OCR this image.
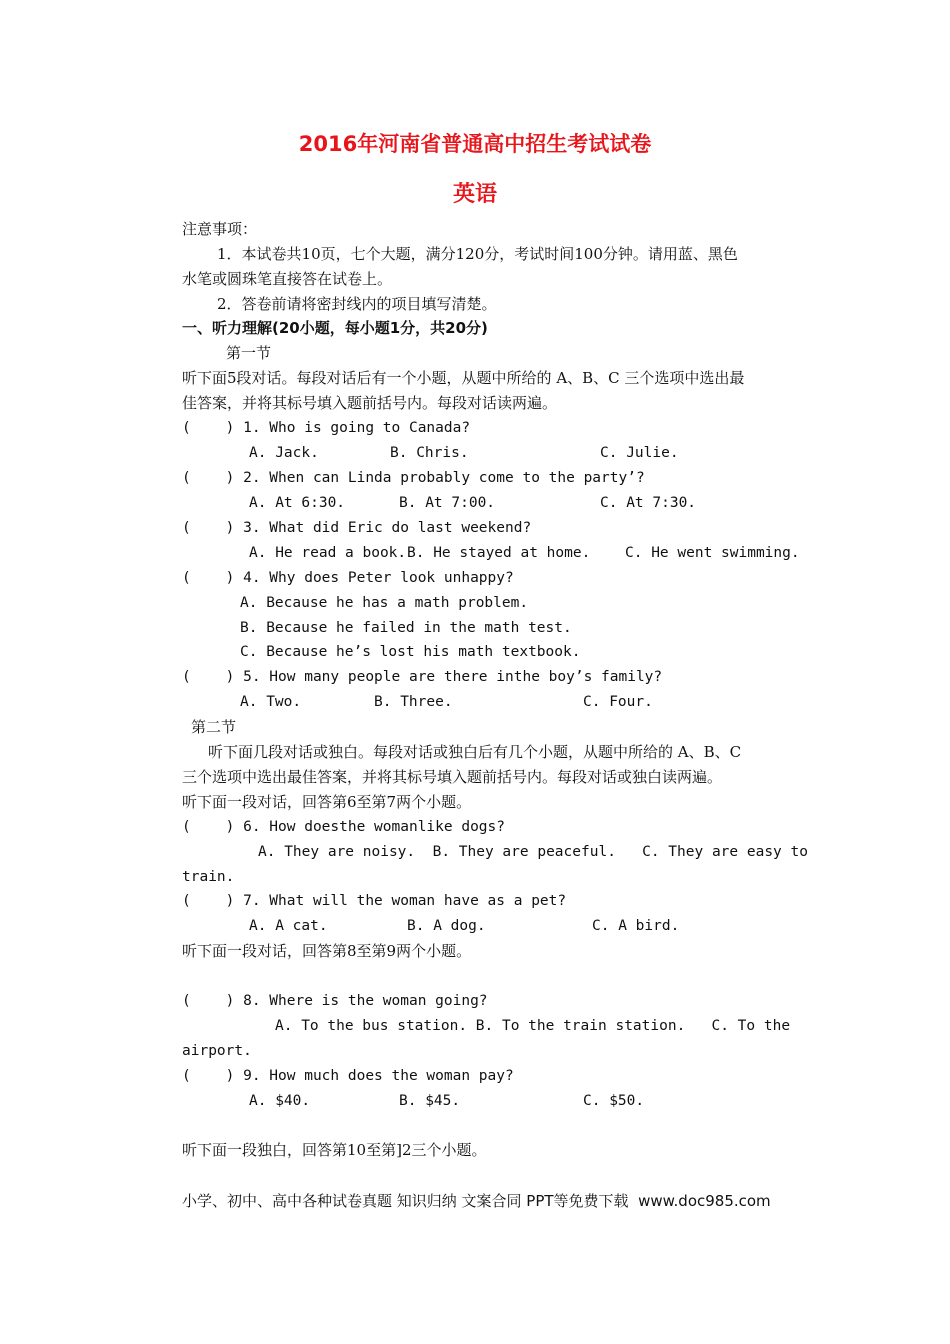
2016年河南省普通高中招生考试试卷
英语
注意事项：
1．本试卷共10页，七个大题，满分120分，考试时间100分钟。请用蓝、黑色
水笔或圆珠笔直接答在试卷上。
2．答卷前请将密封线内的项目填写清楚。
一、听力理解(20小题，每小题1分，共20分)
第一节
听下面5段对话。每段对话后有一个小题，从题中所给的 A、B、C 三个选项中选出最
佳答案，并将其标号填入题前括号内。每段对话读两遍。
(    ) 1. Who is going to Canada?
A. Jack.	B. Chris.	C. Julie.
(    ) 2. When can Linda probably come to the party’?
A. At 6:30.	B. At 7:00.	C. At 7:30.
(    ) 3. What did Eric do last weekend?
A. He read a book. B. He stayed at home. C. He went swimming.
(    ) 4. Why does Peter look unhappy?
A. Because he has a math problem.
B. Because he failed in the math test.
C. Because he’s lost his math textbook.
(    ) 5. How many people are there inthe boy’s family?
A. Two.	B. Three.	C. Four.
第二节
听下面几段对话或独白。每段对话或独白后有几个小题，从题中所给的 A、B、C
三个选项中选出最佳答案，并将其标号填入题前括号内。每段对话或独白读两遍。
听下面一段对话，回答第6至第7两个小题。
(    ) 6. How doesthe womanlike dogs?
A. They are noisy.  B. They are peaceful.   C. They are easy to
train.
(    ) 7. What will the woman have as a pet?
A. A cat.	B. A dog.	C. A bird.
听下面一段对话，回答第8至第9两个小题。
(    ) 8. Where is the woman going?
A. To the bus station. B. To the train station.   C. To the
airport.
(    ) 9. How much does the woman pay?
A. $40.	B. $45.	C. $50.
听下面一段独白，回答第10至第]2三个小题。
小学、初中、高中各种试卷真题 知识归纳 文案合同 PPT等免费下载  www.doc985.com
